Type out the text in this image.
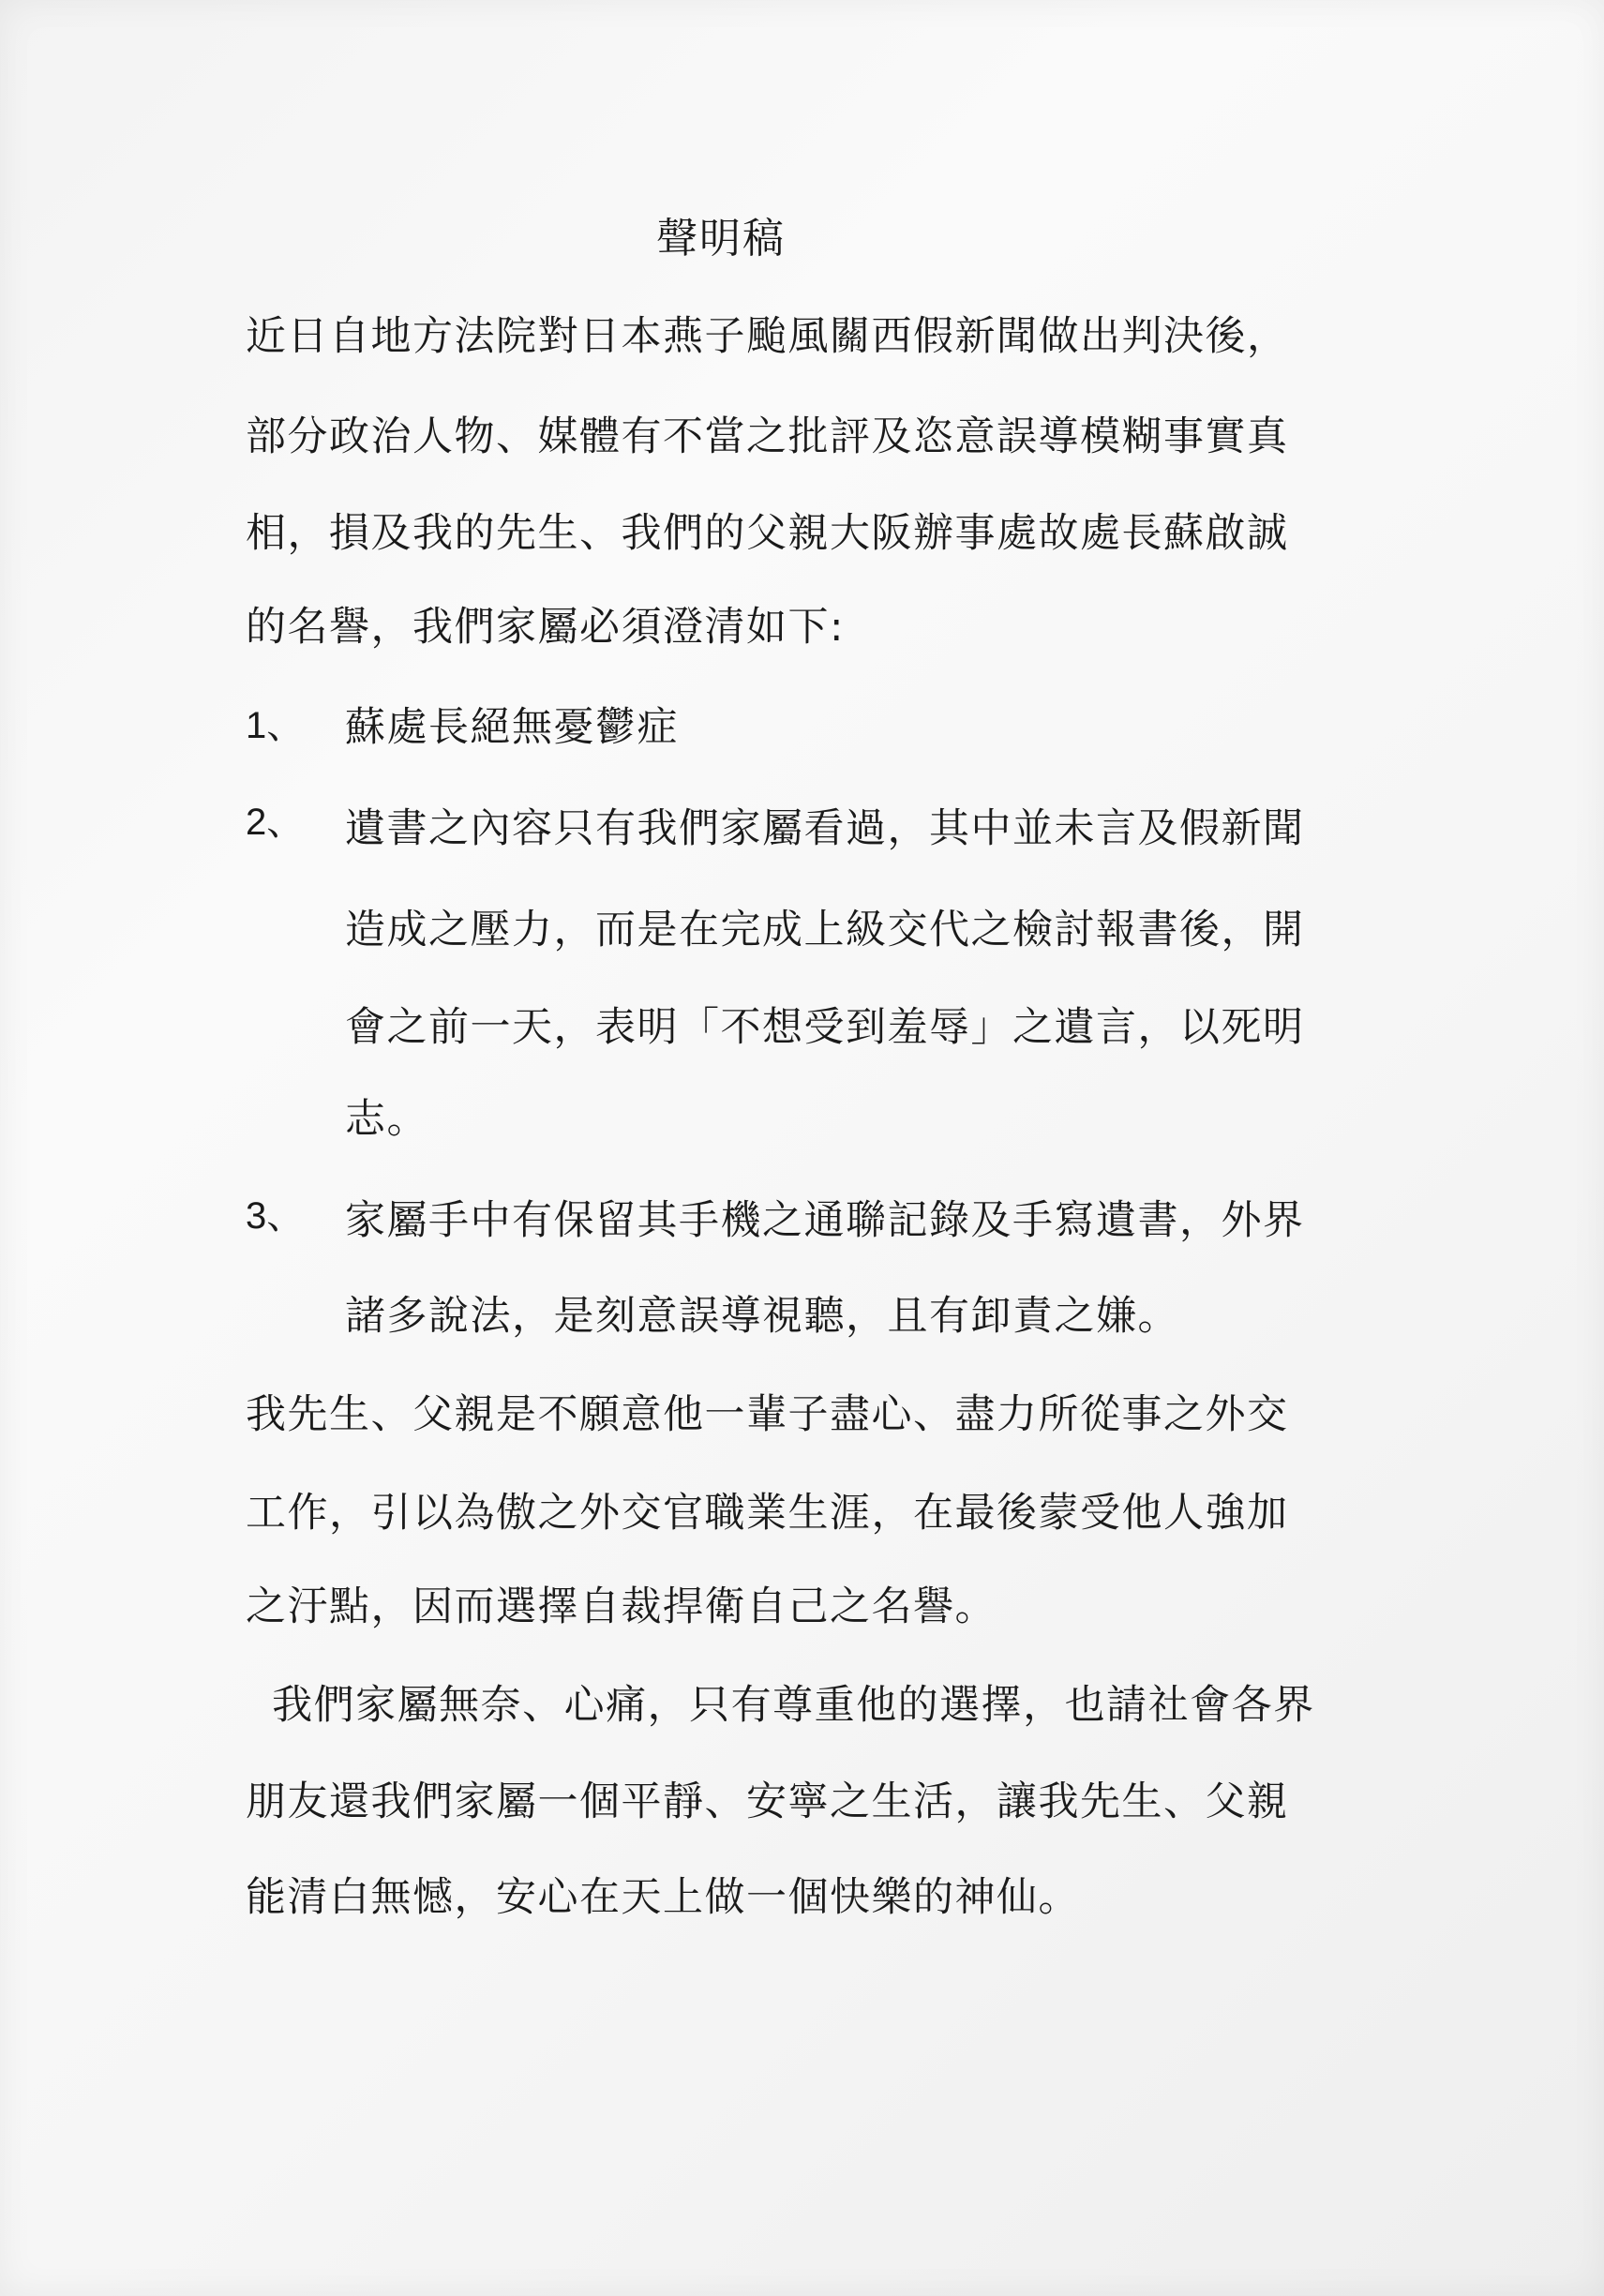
聲明稿
近日自地方法院對日本燕子颱風關西假新聞做出判決後，
部分政治人物、媒體有不當之批評及恣意誤導模糊事實真
相，損及我的先生、我們的父親大阪辦事處故處長蘇啟誠
的名譽，我們家屬必須澄清如下:
1、 蘇處長絕無憂鬱症
2、 遺書之內容只有我們家屬看過，其中並未言及假新聞
造成之壓力，而是在完成上級交代之檢討報書後，開
會之前一天，表明「不想受到羞辱」之遺言，以死明
志。
3、 家屬手中有保留其手機之通聯記錄及手寫遺書，外界
諸多說法，是刻意誤導視聽，且有卸責之嫌。
我先生、父親是不願意他一輩子盡心、盡力所從事之外交
工作，引以為傲之外交官職業生涯，在最後蒙受他人強加
之汙點，因而選擇自裁捍衛自己之名譽。
我們家屬無奈、心痛，只有尊重他的選擇，也請社會各界
朋友還我們家屬一個平靜、安寧之生活，讓我先生、父親
能清白無憾，安心在天上做一個快樂的神仙。
